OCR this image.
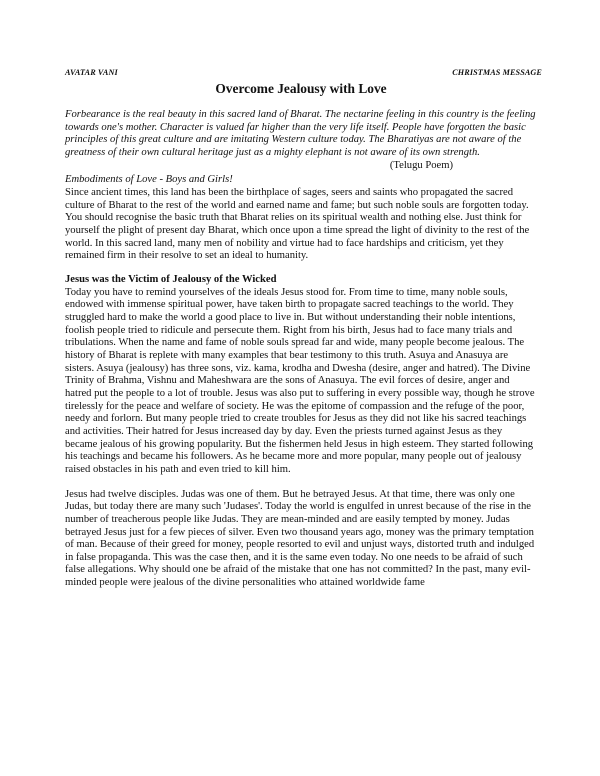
AVATAR VANI	CHRISTMAS MESSAGE
Overcome Jealousy with Love
Forbearance is the real beauty in this sacred land of Bharat. The nectarine feeling in this country is the feeling towards one's mother. Character is valued far higher than the very life itself. People have forgotten the basic principles of this great culture and are imitating Western culture today. The Bharatiyas are not aware of the greatness of their own cultural heritage just as a mighty elephant is not aware of its own strength.
(Telugu Poem)
Embodiments of Love - Boys and Girls!

Since ancient times, this land has been the birthplace of sages, seers and saints who propagated the sacred culture of Bharat to the rest of the world and earned name and fame; but such noble souls are forgotten today. You should recognise the basic truth that Bharat relies on its spiritual wealth and nothing else. Just think for yourself the plight of present day Bharat, which once upon a time spread the light of divinity to the rest of the world. In this sacred land, many men of nobility and virtue had to face hardships and criticism, yet they remained firm in their resolve to set an ideal to humanity.

Jesus was the Victim of Jealousy of the Wicked

Today you have to remind yourselves of the ideals Jesus stood for. From time to time, many noble souls, endowed with immense spiritual power, have taken birth to propagate sacred teachings to the world. They struggled hard to make the world a good place to live in. But without understanding their noble intentions, foolish people tried to ridicule and persecute them. Right from his birth, Jesus had to face many trials and tribulations. When the name and fame of noble souls spread far and wide, many people become jealous. The history of Bharat is replete with many examples that bear testimony to this truth. Asuya and Anasuya are sisters. Asuya (jealousy) has three sons, viz. kama, krodha and Dwesha (desire, anger and hatred). The Divine Trinity of Brahma, Vishnu and Maheshwara are the sons of Anasuya. The evil forces of desire, anger and hatred put the people to a lot of trouble. Jesus was also put to suffering in every possible way, though he strove tirelessly for the peace and welfare of society. He was the epitome of compassion and the refuge of the poor, needy and forlorn. But many people tried to create troubles for Jesus as they did not like his sacred teachings and activities. Their hatred for Jesus increased day by day. Even the priests turned against Jesus as they became jealous of his growing popularity. But the fishermen held Jesus in high esteem. They started following his teachings and became his followers. As he became more and more popular, many people out of jealousy raised obstacles in his path and even tried to kill him.

Jesus had twelve disciples. Judas was one of them. But he betrayed Jesus. At that time, there was only one Judas, but today there are many such 'Judases'. Today the world is engulfed in unrest because of the rise in the number of treacherous people like Judas. They are mean-minded and are easily tempted by money. Judas betrayed Jesus just for a few pieces of silver. Even two thousand years ago, money was the primary temptation of man. Because of their greed for money, people resorted to evil and unjust ways, distorted truth and indulged in false propaganda. This was the case then, and it is the same even today. No one needs to be afraid of such false allegations. Why should one be afraid of the mistake that one has not committed? In the past, many evil-minded people were jealous of the divine personalities who attained worldwide fame
